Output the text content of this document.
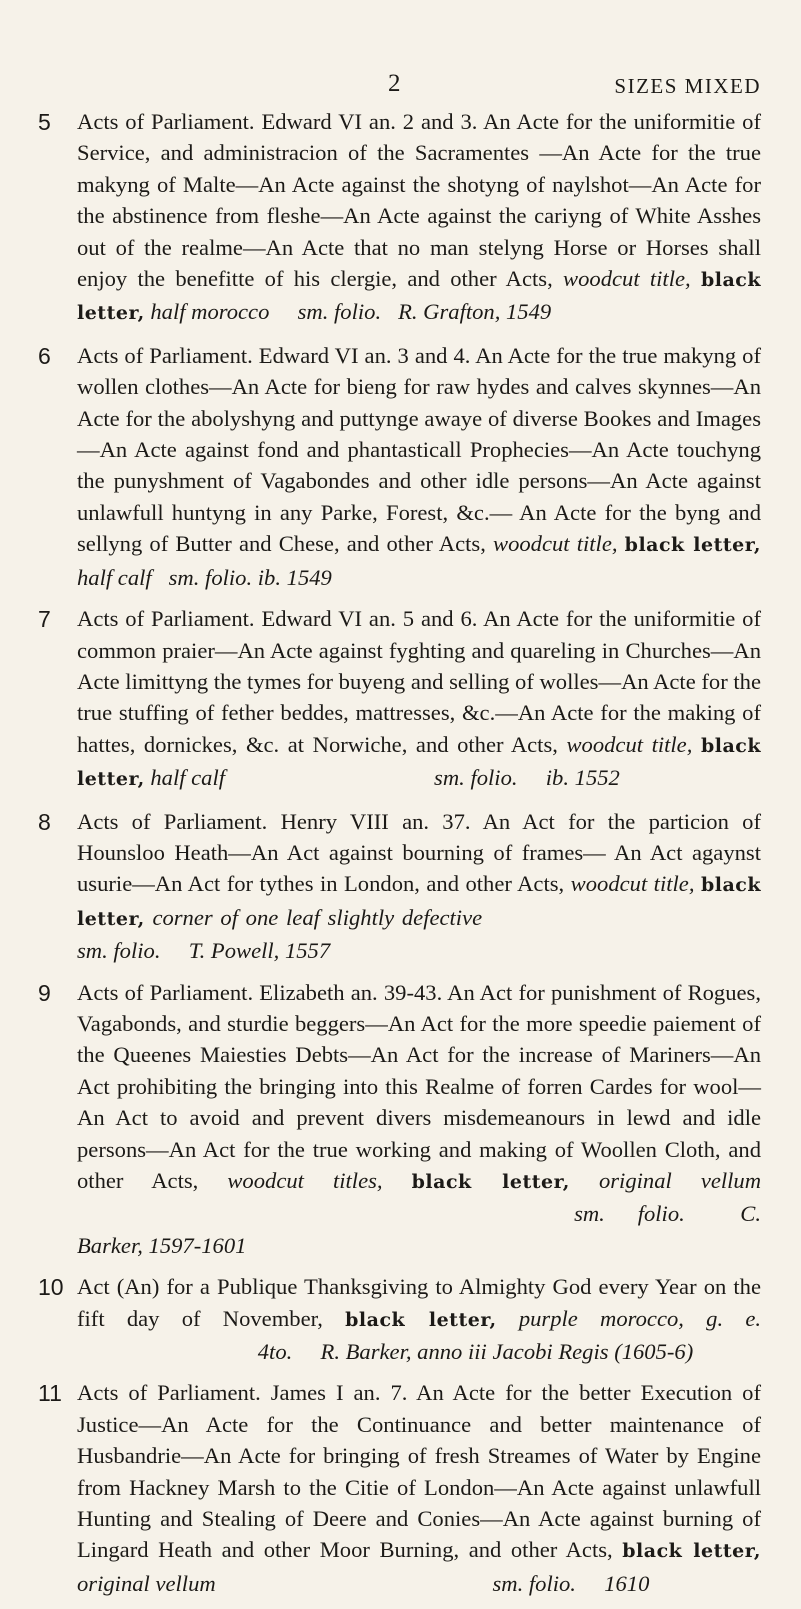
2	SIZES MIXED
5 Acts of Parliament. Edward VI an. 2 and 3. An Acte for the uniformitie of Service, and administracion of the Sacramentes —An Acte for the true makyng of Malte—An Acte against the shotyng of naylshot—An Acte for the abstinence from fleshe—An Acte against the cariyng of White Asshes out of the realme—An Acte that no man stelyng Horse or Horses shall enjoy the benefitte of his clergie, and other Acts, woodcut title, black letter, half morocco    sm. folio.   R. Grafton, 1549

6 Acts of Parliament. Edward VI an. 3 and 4. An Acte for the true makyng of wollen clothes—An Acte for bieng for raw hydes and calves skynnes—An Acte for the abolyshyng and puttynge awaye of diverse Bookes and Images—An Acte against fond and phantasticall Prophecies—An Acte touchyng the punyshment of Vagabondes and other idle persons—An Acte against unlawfull huntyng in any Parke, Forest, &c.— An Acte for the byng and sellyng of Butter and Chese, and other Acts, woodcut title, black letter, half calf   sm. folio. ib. 1549

7 Acts of Parliament. Edward VI an. 5 and 6. An Acte for the uniformitie of common praier—An Acte against fyghting and quareling in Churches—An Acte limittyng the tymes for buyeng and selling of wolles—An Acte for the true stuffing of fether beddes, mattresses, &c.—An Acte for the making of hattes, dornickes, &c. at Norwiche, and other Acts, woodcut title, black letter, half calf          	sm. folio.    ib. 1552

8 Acts of Parliament. Henry VIII an. 37. An Act for the particion of Hounsloo Heath—An Act against bourning of frames— An Act agaynst usurie—An Act for tythes in London, and other Acts, woodcut title, black letter, corner of one leaf slightly defective             sm. folio.    T. Powell, 1557

9 Acts of Parliament. Elizabeth an. 39-43. An Act for punishment of Rogues, Vagabonds, and sturdie beggers—An Act for the more speedie paiement of the Queenes Maiesties Debts—An Act for the increase of Mariners—An Act prohibiting the bringing into this Realme of forren Cardes for wool—An Act to avoid and prevent divers misdemeanours in lewd and idle persons—An Act for the true working and making of Woollen Cloth, and other Acts, woodcut titles, black letter, original vellum                       sm. folio.    C. Barker, 1597-1601

10 Act (An) for a Publique Thanksgiving to Almighty God every Year on the fift day of November, black letter, purple morocco, g. e.         4to.    R. Barker, anno iii Jacobi Regis (1605-6)

11 Acts of Parliament. James I an. 7. An Acte for the better Execution of Justice—An Acte for the Continuance and better maintenance of Husbandrie—An Acte for bringing of fresh Streames of Water by Engine from Hackney Marsh to the Citie of London—An Acte against unlawfull Hunting and Stealing of Deere and Conies—An Acte against burning of Lingard Heath and other Moor Burning, and other Acts, black letter, original vellum             	sm. folio.    1610
